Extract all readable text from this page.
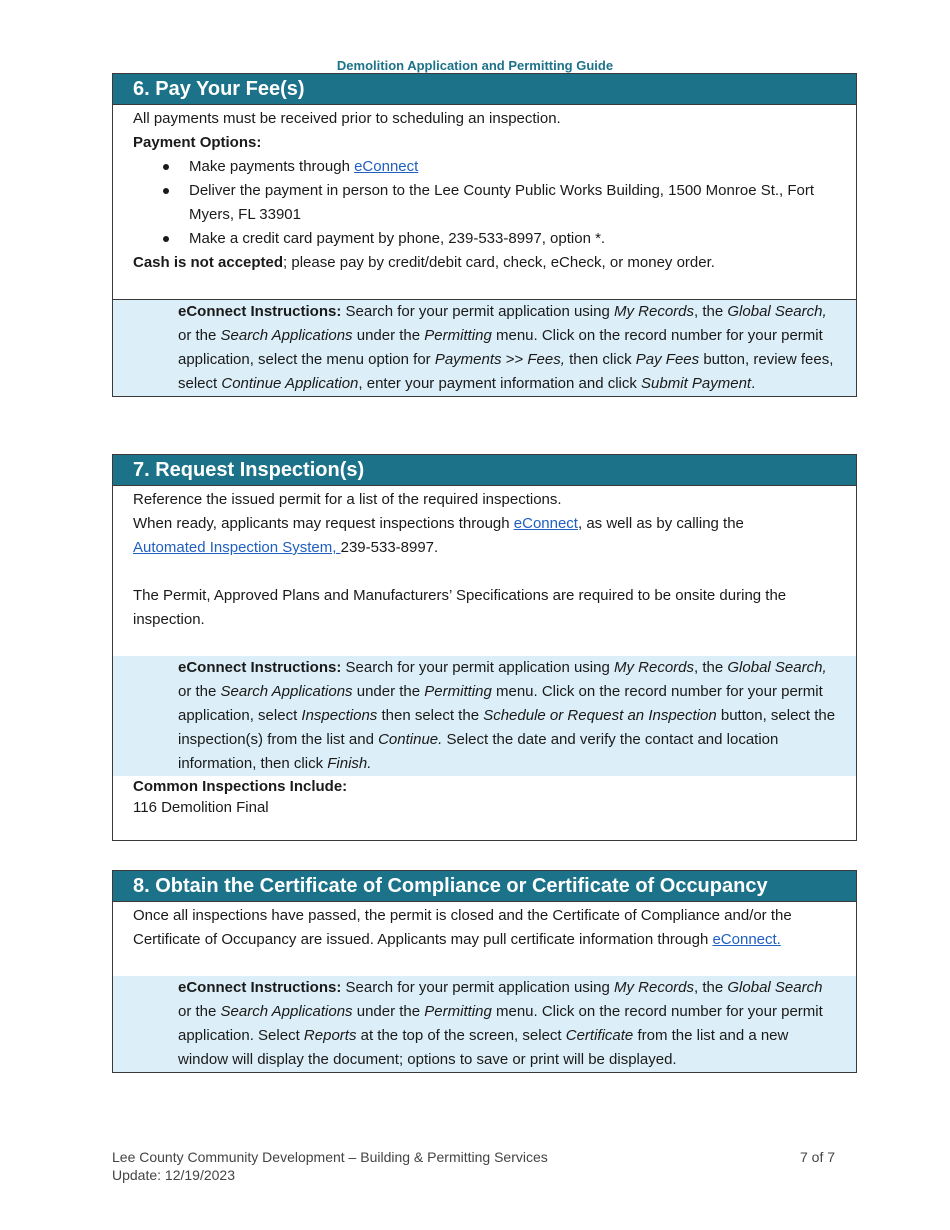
Demolition Application and Permitting Guide
6. Pay Your Fee(s)

All payments must be received prior to scheduling an inspection.

Payment Options:

Make payments through eConnect
Deliver the payment in person to the Lee County Public Works Building, 1500 Monroe St., Fort Myers, FL 33901
Make a credit card payment by phone, 239-533-8997, option *.

Cash is not accepted; please pay by credit/debit card, check, eCheck, or money order.

eConnect Instructions: Search for your permit application using My Records, the Global Search, or the Search Applications under the Permitting menu. Click on the record number for your permit application, select the menu option for Payments >> Fees, then click Pay Fees button, review fees, select Continue Application, enter your payment information and click Submit Payment.
7. Request Inspection(s)

Reference the issued permit for a list of the required inspections.

When ready, applicants may request inspections through eConnect, as well as by calling the
Automated Inspection System, 239-533-8997.

The Permit, Approved Plans and Manufacturers’ Specifications are required to be onsite during the inspection.

eConnect Instructions: Search for your permit application using My Records, the Global Search, or the Search Applications under the Permitting menu. Click on the record number for your permit application, select Inspections then select the Schedule or Request an Inspection button, select the inspection(s) from the list and Continue. Select the date and verify the contact and location information, then click Finish.

Common Inspections Include:

116 Demolition Final

8. Obtain the Certificate of Compliance or Certificate of Occupancy

Once all inspections have passed, the permit is closed and the Certificate of Compliance and/or the Certificate of Occupancy are issued. Applicants may pull certificate information through eConnect.

eConnect Instructions: Search for your permit application using My Records, the Global Search or the Search Applications under the Permitting menu. Click on the record number for your permit application. Select Reports at the top of the screen, select Certificate from the list and a new window will display the document; options to save or print will be displayed.
Lee County Community Development – Building & Permitting Services
Update: 12/19/2023
7 of 7
